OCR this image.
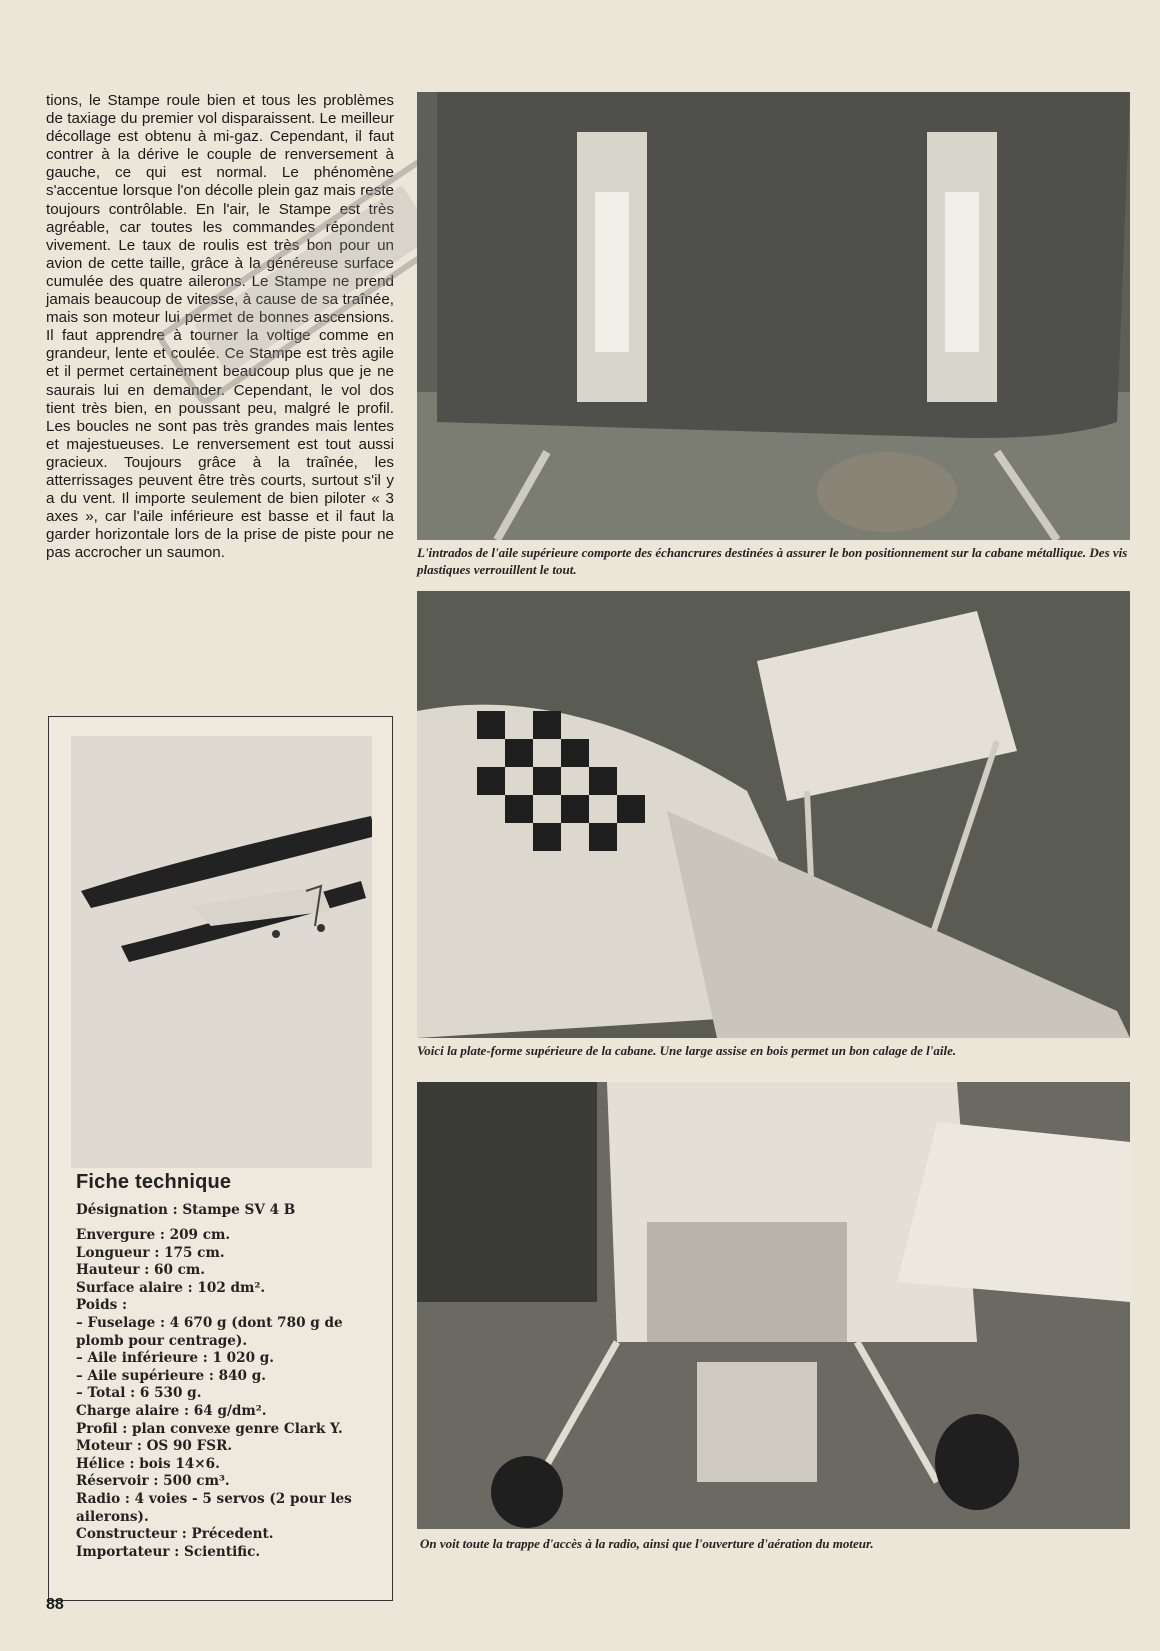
tions, le Stampe roule bien et tous les problèmes de taxiage du premier vol disparaissent. Le meilleur décollage est obtenu à mi-gaz. Cependant, il faut contrer à la dérive le couple de renversement à gauche, ce qui est normal. Le phénomène s'accentue lorsque l'on décolle plein gaz mais reste toujours contrôlable. En l'air, le Stampe est très agréable, car toutes les commandes répondent vivement. Le taux de roulis est très bon pour un avion de cette taille, grâce à la généreuse surface cumulée des quatre ailerons. Le Stampe ne prend jamais beaucoup de vitesse, à cause de sa traînée, mais son moteur lui permet de bonnes ascensions. Il faut apprendre à tourner la voltige comme en grandeur, lente et coulée. Ce Stampe est très agile et il permet certainement beaucoup plus que je ne saurais lui en demander. Cependant, le vol dos tient très bien, en poussant peu, malgré le profil. Les boucles ne sont pas très grandes mais lentes et majestueuses. Le renversement est tout aussi gracieux. Toujours grâce à la traînée, les atterrissages peuvent être très courts, surtout s'il y a du vent. Il importe seulement de bien piloter « 3 axes », car l'aile inférieure est basse et il faut la garder horizontale lors de la prise de piste pour ne pas accrocher un saumon.	L'intrados de l'aile supérieure comporte des échancrures destinées à assurer le bon positionnement sur la cabane métallique. Des vis plastiques verrouillent le tout.
Voici la plate-forme supérieure de la cabane. Une large assise en bois permet un bon calage de l'aile.
On voit toute la trappe d'accès à la radio, ainsi que l'ouverture d'aération du moteur.
Fiche technique
Désignation : Stampe SV 4 B
Envergure : 209 cm.
Longueur : 175 cm.
Hauteur : 60 cm.
Surface alaire : 102 dm².
Poids :
– Fuselage : 4 670 g (dont 780 g de plomb pour centrage).
– Aile inférieure : 1 020 g.
– Aile supérieure : 840 g.
– Total : 6 530 g.
Charge alaire : 64 g/dm².
Profil : plan convexe genre Clark Y.
Moteur : OS 90 FSR.
Hélice : bois 14×6.
Réservoir : 500 cm³.
Radio : 4 voies - 5 servos (2 pour les ailerons).
Constructeur : Précedent.
Importateur : Scientific.
88
